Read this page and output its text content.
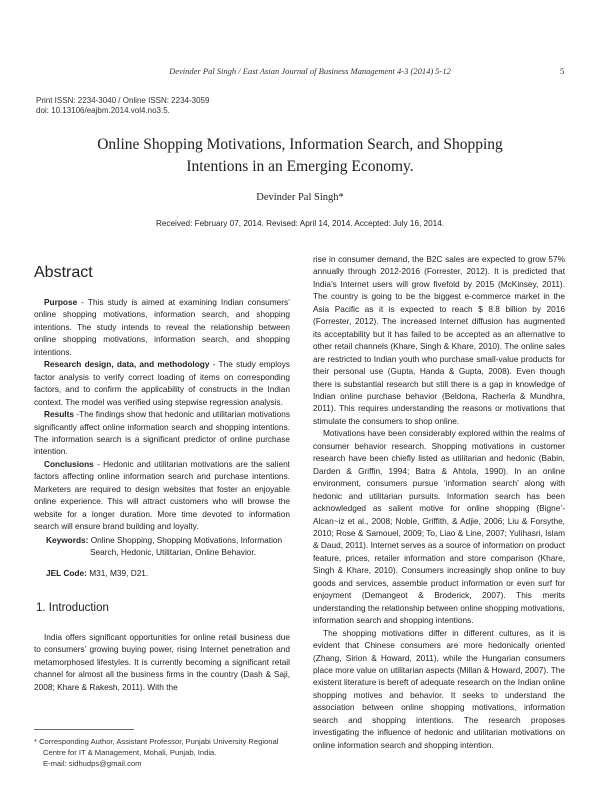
Devinder Pal Singh / East Asian Journal of Business Management 4-3 (2014) 5-12	5
Print ISSN: 2234-3040 / Online ISSN: 2234-3059
doi: 10.13106/eajbm.2014.vol4.no3.5.
Online Shopping Motivations, Information Search, and Shopping
Intentions in an Emerging Economy.
Devinder Pal Singh*
Received: February 07, 2014. Revised: April 14, 2014. Accepted: July 16, 2014.
Abstract

Purpose - This study is aimed at examining Indian consumers’ online shopping motivations, information search, and shopping intentions. The study intends to reveal the relationship between online shopping motivations, information search, and shopping intentions.

Research design, data, and methodology - The study employs factor analysis to verify correct loading of items on corresponding factors, and to confirm the applicability of constructs in the Indian context. The model was verified using stepwise regression analysis.

Results -The findings show that hedonic and utilitarian motivations significantly affect online information search and shopping intentions. The information search is a significant predictor of online purchase intention.

Conclusions - Hedonic and utilitarian motivations are the salient factors affecting online information search and purchase intentions. Marketers are required to design websites that foster an enjoyable online experience. This will attract customers who will browse the website for a longer duration. More time devoted to information search will ensure brand building and loyalty.

Keywords: Online Shopping, Shopping Motivations, Information
Search, Hedonic, Utilitarian, Online Behavior.
JEL Code: M31, M39, D21.
1. Introduction

India offers significant opportunities for online retail business due to consumers’ growing buying power, rising Internet penetration and metamorphosed lifestyles. It is currently becoming a significant retail channel for almost all the business firms in the country (Dash & Saji, 2008; Khare & Rakesh, 2011). With the

* Corresponding Author, Assistant Professor, Punjabi University Regional
Centre for IT & Management, Mohali, Punjab, India.
E-mail: sidhudps@gmail.com

rise in consumer demand, the B2C sales are expected to grow 57% annually through 2012-2016 (Forrester, 2012). It is predicted that India’s Internet users will grow fivefold by 2015 (McKinsey, 2011). The country is going to be the biggest e-commerce market in the Asia Pacific as it is expected to reach $ 8.8 billion by 2016 (Forrester, 2012). The increased Internet diffusion has augmented its acceptability but it has failed to be accepted as an alternative to other retail channels (Khare, Singh & Khare, 2010). The online sales are restricted to Indian youth who purchase small-value products for their personal use (Gupta, Handa & Gupta, 2008). Even though there is substantial research but still there is a gap in knowledge of Indian online purchase behavior (Beldona, Racherla & Mundhra, 2011). This requires understanding the reasons or motivations that stimulate the consumers to shop online.

Motivations have been considerably explored within the realms of consumer behavior research. Shopping motivations in customer research have been chiefly listed as utilitarian and hedonic (Babin, Darden & Griffin, 1994; Batra & Ahtola, 1990). In an online environment, consumers pursue ‘information search’ along with hedonic and utilitarian pursuits. Information search has been acknowledged as salient motive for online shopping (Bigne’-Alcan~iz et al., 2008; Noble, Griffith, & Adjie, 2006; Liu & Forsythe, 2010; Rose & Samouel, 2009; To, Liao & Line, 2007; Yulihasri, Islam & Daud, 2011). Internet serves as a source of information on product feature, prices, retailer information and store comparison (Khare, Singh & Khare, 2010). Consumers increasingly shop online to buy goods and services, assemble product information or even surf for enjoyment (Demangeot & Broderick, 2007). This merits understanding the relationship between online shopping motivations, information search and shopping intentions.

The shopping motivations differ in different cultures, as it is evident that Chinese consumers are more hedonically oriented (Zhang, Sirion & Howard, 2011), while the Hungarian consumers place more value on utilitarian aspects (Millan & Howard, 2007). The existent literature is bereft of adequate research on the Indian online shopping motives and behavior. It seeks to understand the association between online shopping motivations, information search and shopping intentions. The research proposes investigating the influence of hedonic and utilitarian motivations on online information search and shopping intention.
